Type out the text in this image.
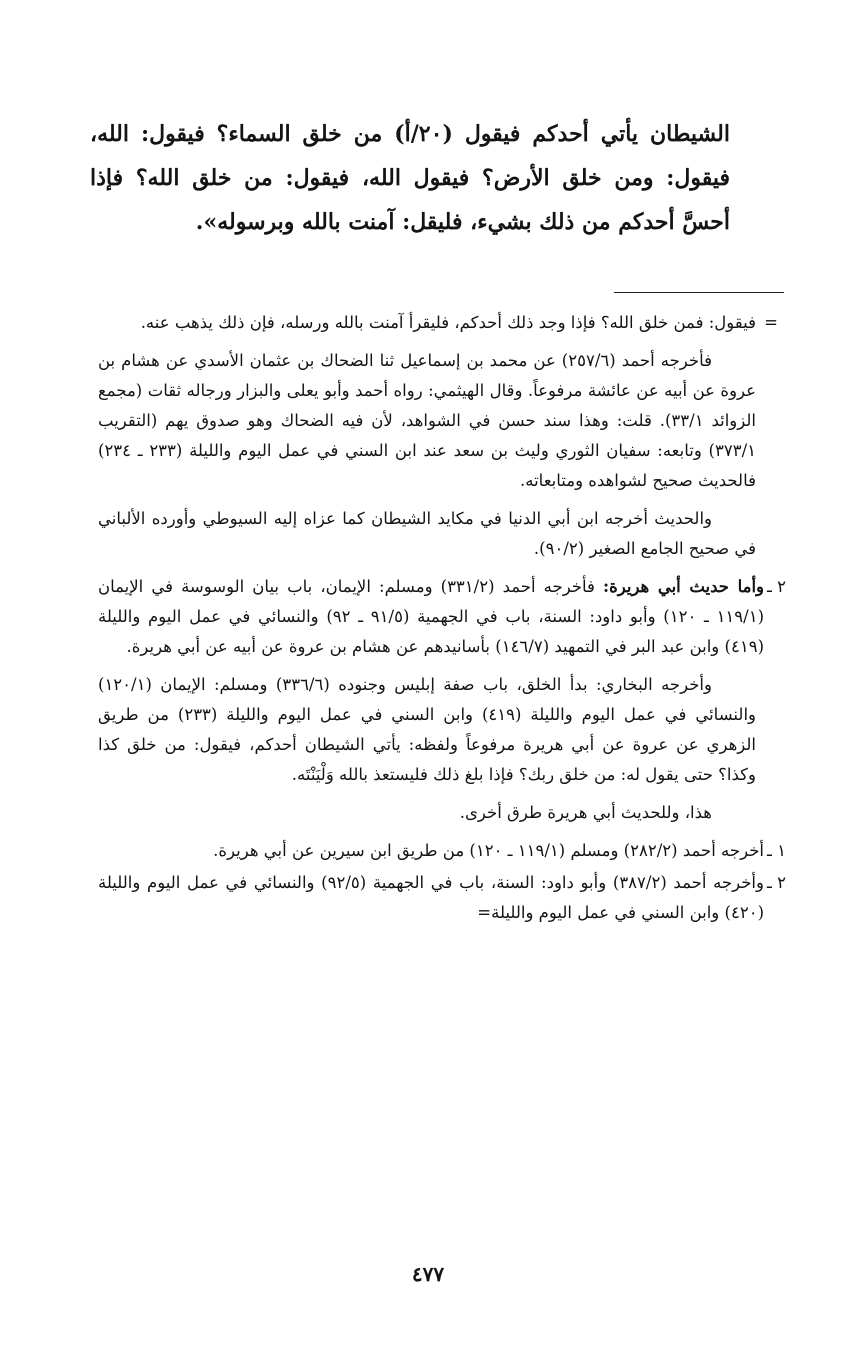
الشيطان يأتي أحدكم فيقول (٢٠/أ) من خلق السماء؟ فيقول: الله، فيقول: ومن خلق الأرض؟ فيقول الله، فيقول: من خلق الله؟ فإذا أحسَّ أحدكم من ذلك بشيء، فليقل: آمنت بالله وبرسوله».

=
فيقول: فمن خلق الله؟ فإذا وجد ذلك أحدكم، فليقرأ آمنت بالله ورسله، فإن ذلك يذهب عنه.

فأخرجه أحمد (٢٥٧/٦) عن محمد بن إسماعيل ثنا الضحاك بن عثمان الأسدي عن هشام بن عروة عن أبيه عن عائشة مرفوعاً. وقال الهيثمي: رواه أحمد وأبو يعلى والبزار ورجاله ثقات (مجمع الزوائد ٣٣/١). قلت: وهذا سند حسن في الشواهد، لأن فيه الضحاك وهو صدوق يهم (التقريب ٣٧٣/١) وتابعه: سفيان الثوري وليث بن سعد عند ابن السني في عمل اليوم والليلة (٢٣٣ ـ ٢٣٤) فالحديث صحيح لشواهده ومتابعاته.

والحديث أخرجه ابن أبي الدنيا في مكايد الشيطان كما عزاه إليه السيوطي وأورده الألباني في صحيح الجامع الصغير (٩٠/٢).

٢ ـ
وأما حديث أبي هريرة: فأخرجه أحمد (٣٣١/٢) ومسلم: الإيمان، باب بيان الوسوسة في الإيمان (١١٩/١ ـ ١٢٠) وأبو داود: السنة، باب في الجهمية (٩١/٥ ـ ٩٢) والنسائي في عمل اليوم والليلة (٤١٩) وابن عبد البر في التمهيد (١٤٦/٧) بأسانيدهم عن هشام بن عروة عن أبيه عن أبي هريرة.

وأخرجه البخاري: بدأ الخلق، باب صفة إبليس وجنوده (٣٣٦/٦) ومسلم: الإيمان (١٢٠/١) والنسائي في عمل اليوم والليلة (٤١٩) وابن السني في عمل اليوم والليلة (٢٣٣) من طريق الزهري عن عروة عن أبي هريرة مرفوعاً ولفظه: يأتي الشيطان أحدكم، فيقول: من خلق كذا وكذا؟ حتى يقول له: من خلق ربك؟ فإذا بلغ ذلك فليستعذ بالله وَلْيَنْتَه.

هذا، وللحديث أبي هريرة طرق أخرى.

١ ـ
أخرجه أحمد (٢٨٢/٢) ومسلم (١١٩/١ ـ ١٢٠) من طريق ابن سيرين عن أبي هريرة.

٢ ـ
وأخرجه أحمد (٣٨٧/٢) وأبو داود: السنة، باب في الجهمية (٩٢/٥) والنسائي في عمل اليوم والليلة (٤٢٠) وابن السني في عمل اليوم والليلة=

٤٧٧
